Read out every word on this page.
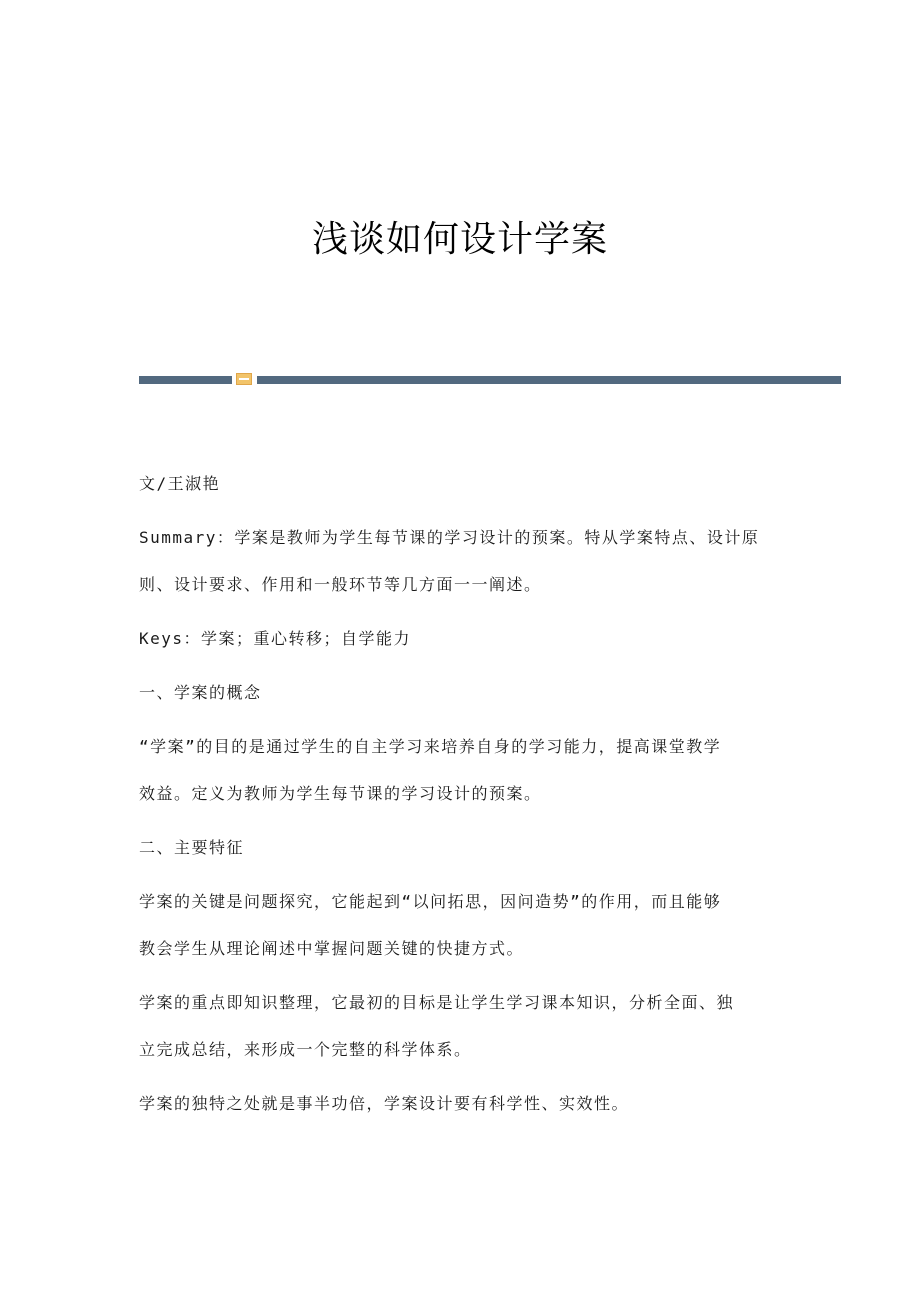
浅谈如何设计学案
文/王淑艳
Summary：学案是教师为学生每节课的学习设计的预案。特从学案特点、设计原
则、设计要求、作用和一般环节等几方面一一阐述。
Keys：学案；重心转移；自学能力
一、学案的概念
“学案”的目的是通过学生的自主学习来培养自身的学习能力，提高课堂教学
效益。定义为教师为学生每节课的学习设计的预案。
二、主要特征
学案的关键是问题探究，它能起到“以问拓思，因问造势”的作用，而且能够
教会学生从理论阐述中掌握问题关键的快捷方式。
学案的重点即知识整理，它最初的目标是让学生学习课本知识，分析全面、独
立完成总结，来形成一个完整的科学体系。
学案的独特之处就是事半功倍，学案设计要有科学性、实效性。
